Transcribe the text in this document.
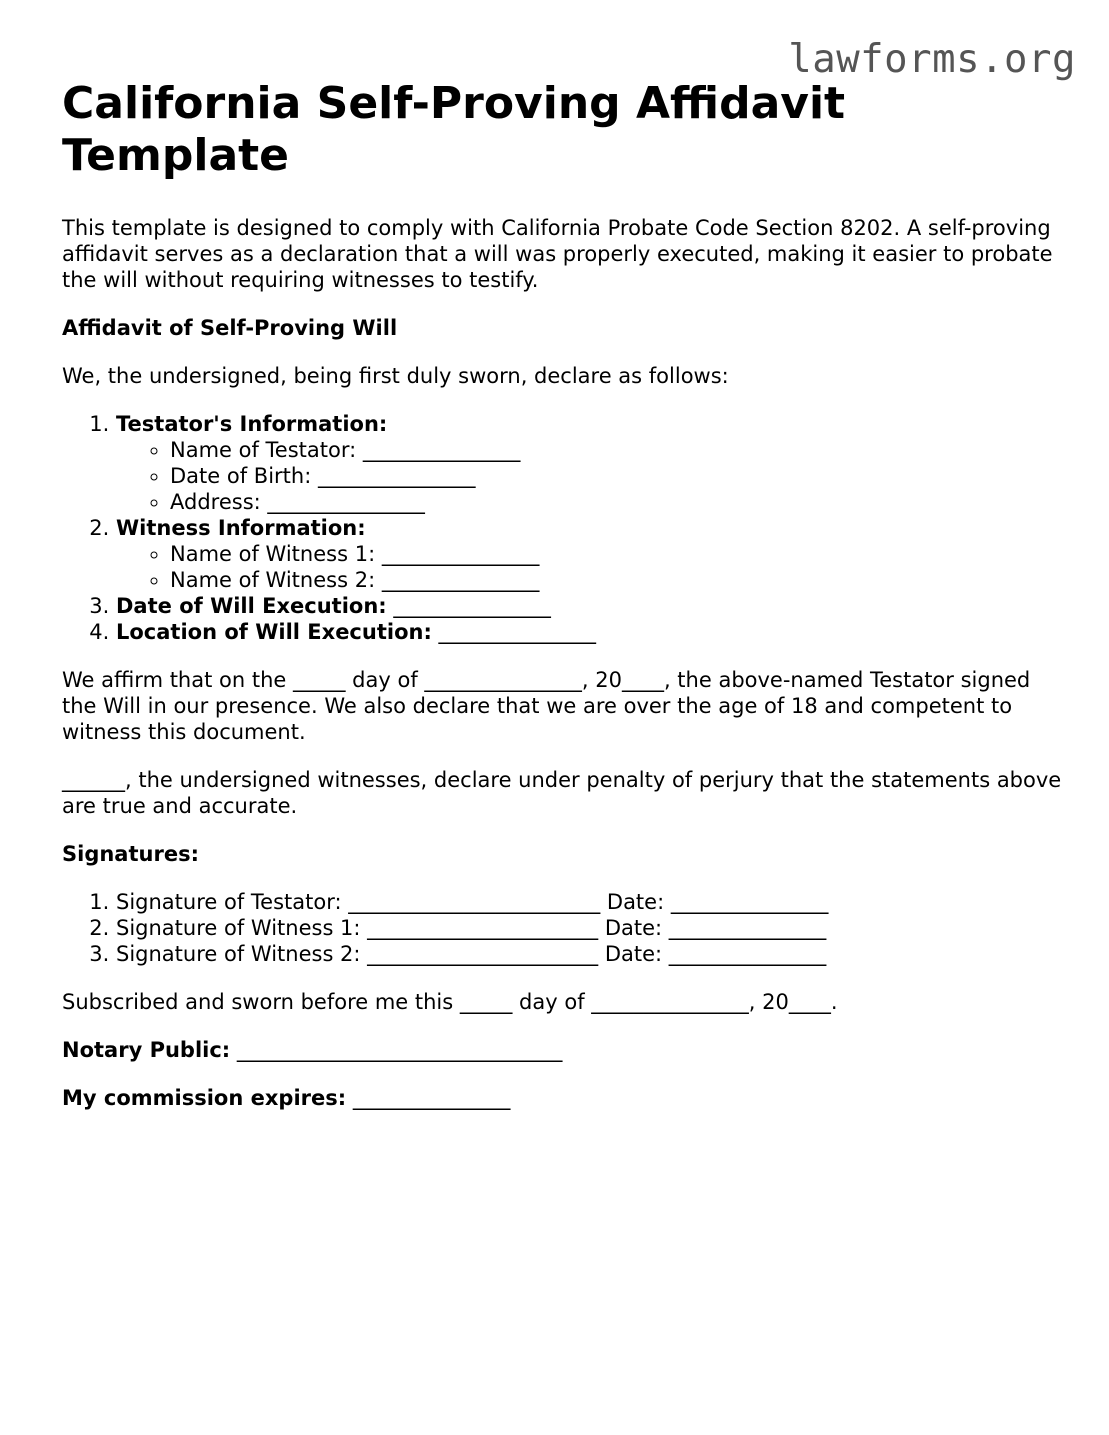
lawforms.org
California Self-Proving Affidavit Template

This template is designed to comply with California Probate Code Section 8202. A self-proving affidavit serves as a declaration that a will was properly executed, making it easier to probate the will without requiring witnesses to testify.

Affidavit of Self-Proving Will

We, the undersigned, being first duly sworn, declare as follows:

1. Testator's Information:
◦ Name of Testator: _______________
◦ Date of Birth: _______________
◦ Address: _______________
2. Witness Information:
◦ Name of Witness 1: _______________
◦ Name of Witness 2: _______________
3. Date of Will Execution: _______________
4. Location of Will Execution: _______________

We affirm that on the _____ day of _______________, 20____, the above-named Testator signed the Will in our presence. We also declare that we are over the age of 18 and competent to witness this document.

______, the undersigned witnesses, declare under penalty of perjury that the statements above are true and accurate.

Signatures:

1. Signature of Testator: ________________________ Date: _______________
2. Signature of Witness 1: ______________________ Date: _______________
3. Signature of Witness 2: ______________________ Date: _______________

Subscribed and sworn before me this _____ day of _______________, 20____.

Notary Public: _______________________________

My commission expires: _______________
